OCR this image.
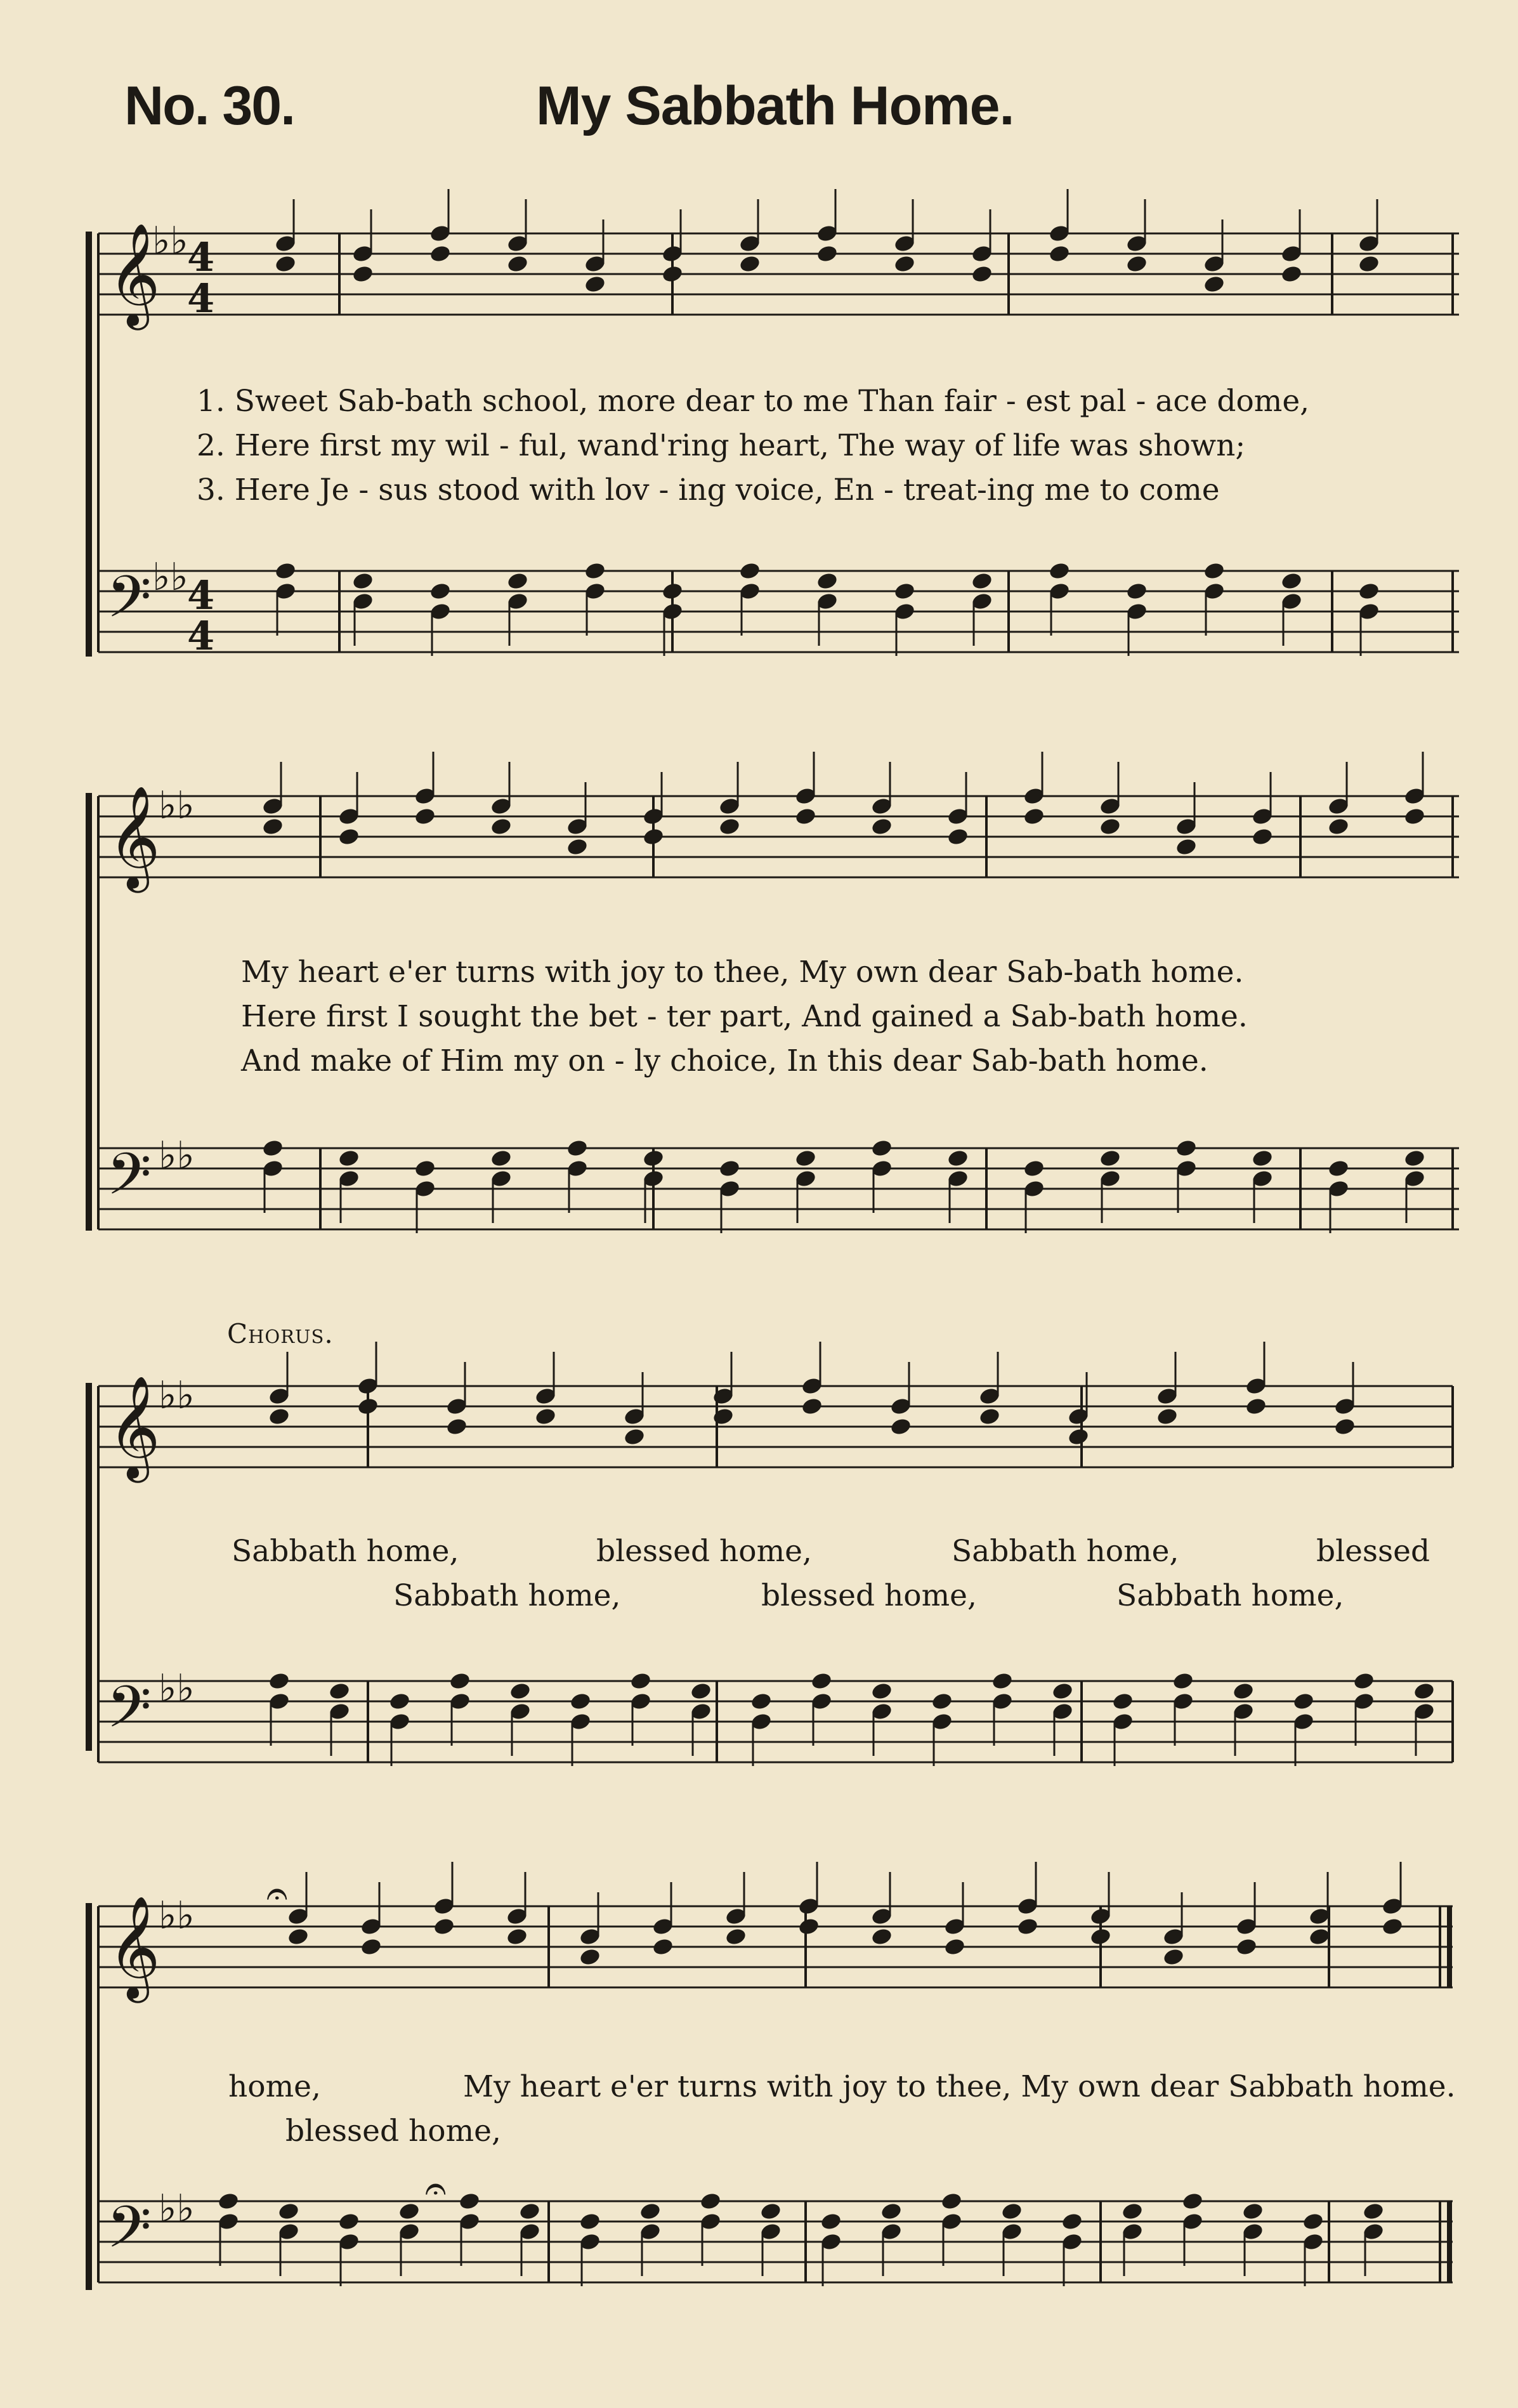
No. 30.	My Sabbath Home.
𝄞
𝄢
4
4
4
4
♭♭
♭♭
𝄞
𝄢
♭♭
♭♭
𝄞
𝄢
♭♭
♭♭
𝄞
𝄢
♭♭
♭♭
𝄐
𝄐
1. Sweet Sab-bath school, more dear to me Than fair - est pal - ace dome,
2. Here first my wil - ful, wand'ring heart, The way of life was shown;
3. Here Je - sus stood with lov - ing voice, En - treat-ing me to come
My heart e'er turns with joy to thee, My own dear Sab-bath home.
Here first I sought the bet - ter part, And gained a Sab-bath home.
And make of Him my on - ly choice, In this dear Sab-bath home.
Chorus.
Sabbath home,	blessed home,	Sabbath home,	blessed
Sabbath home,	blessed home,	Sabbath home,
home,	My heart e'er turns with joy to thee, My own dear Sabbath home.
blessed home,
